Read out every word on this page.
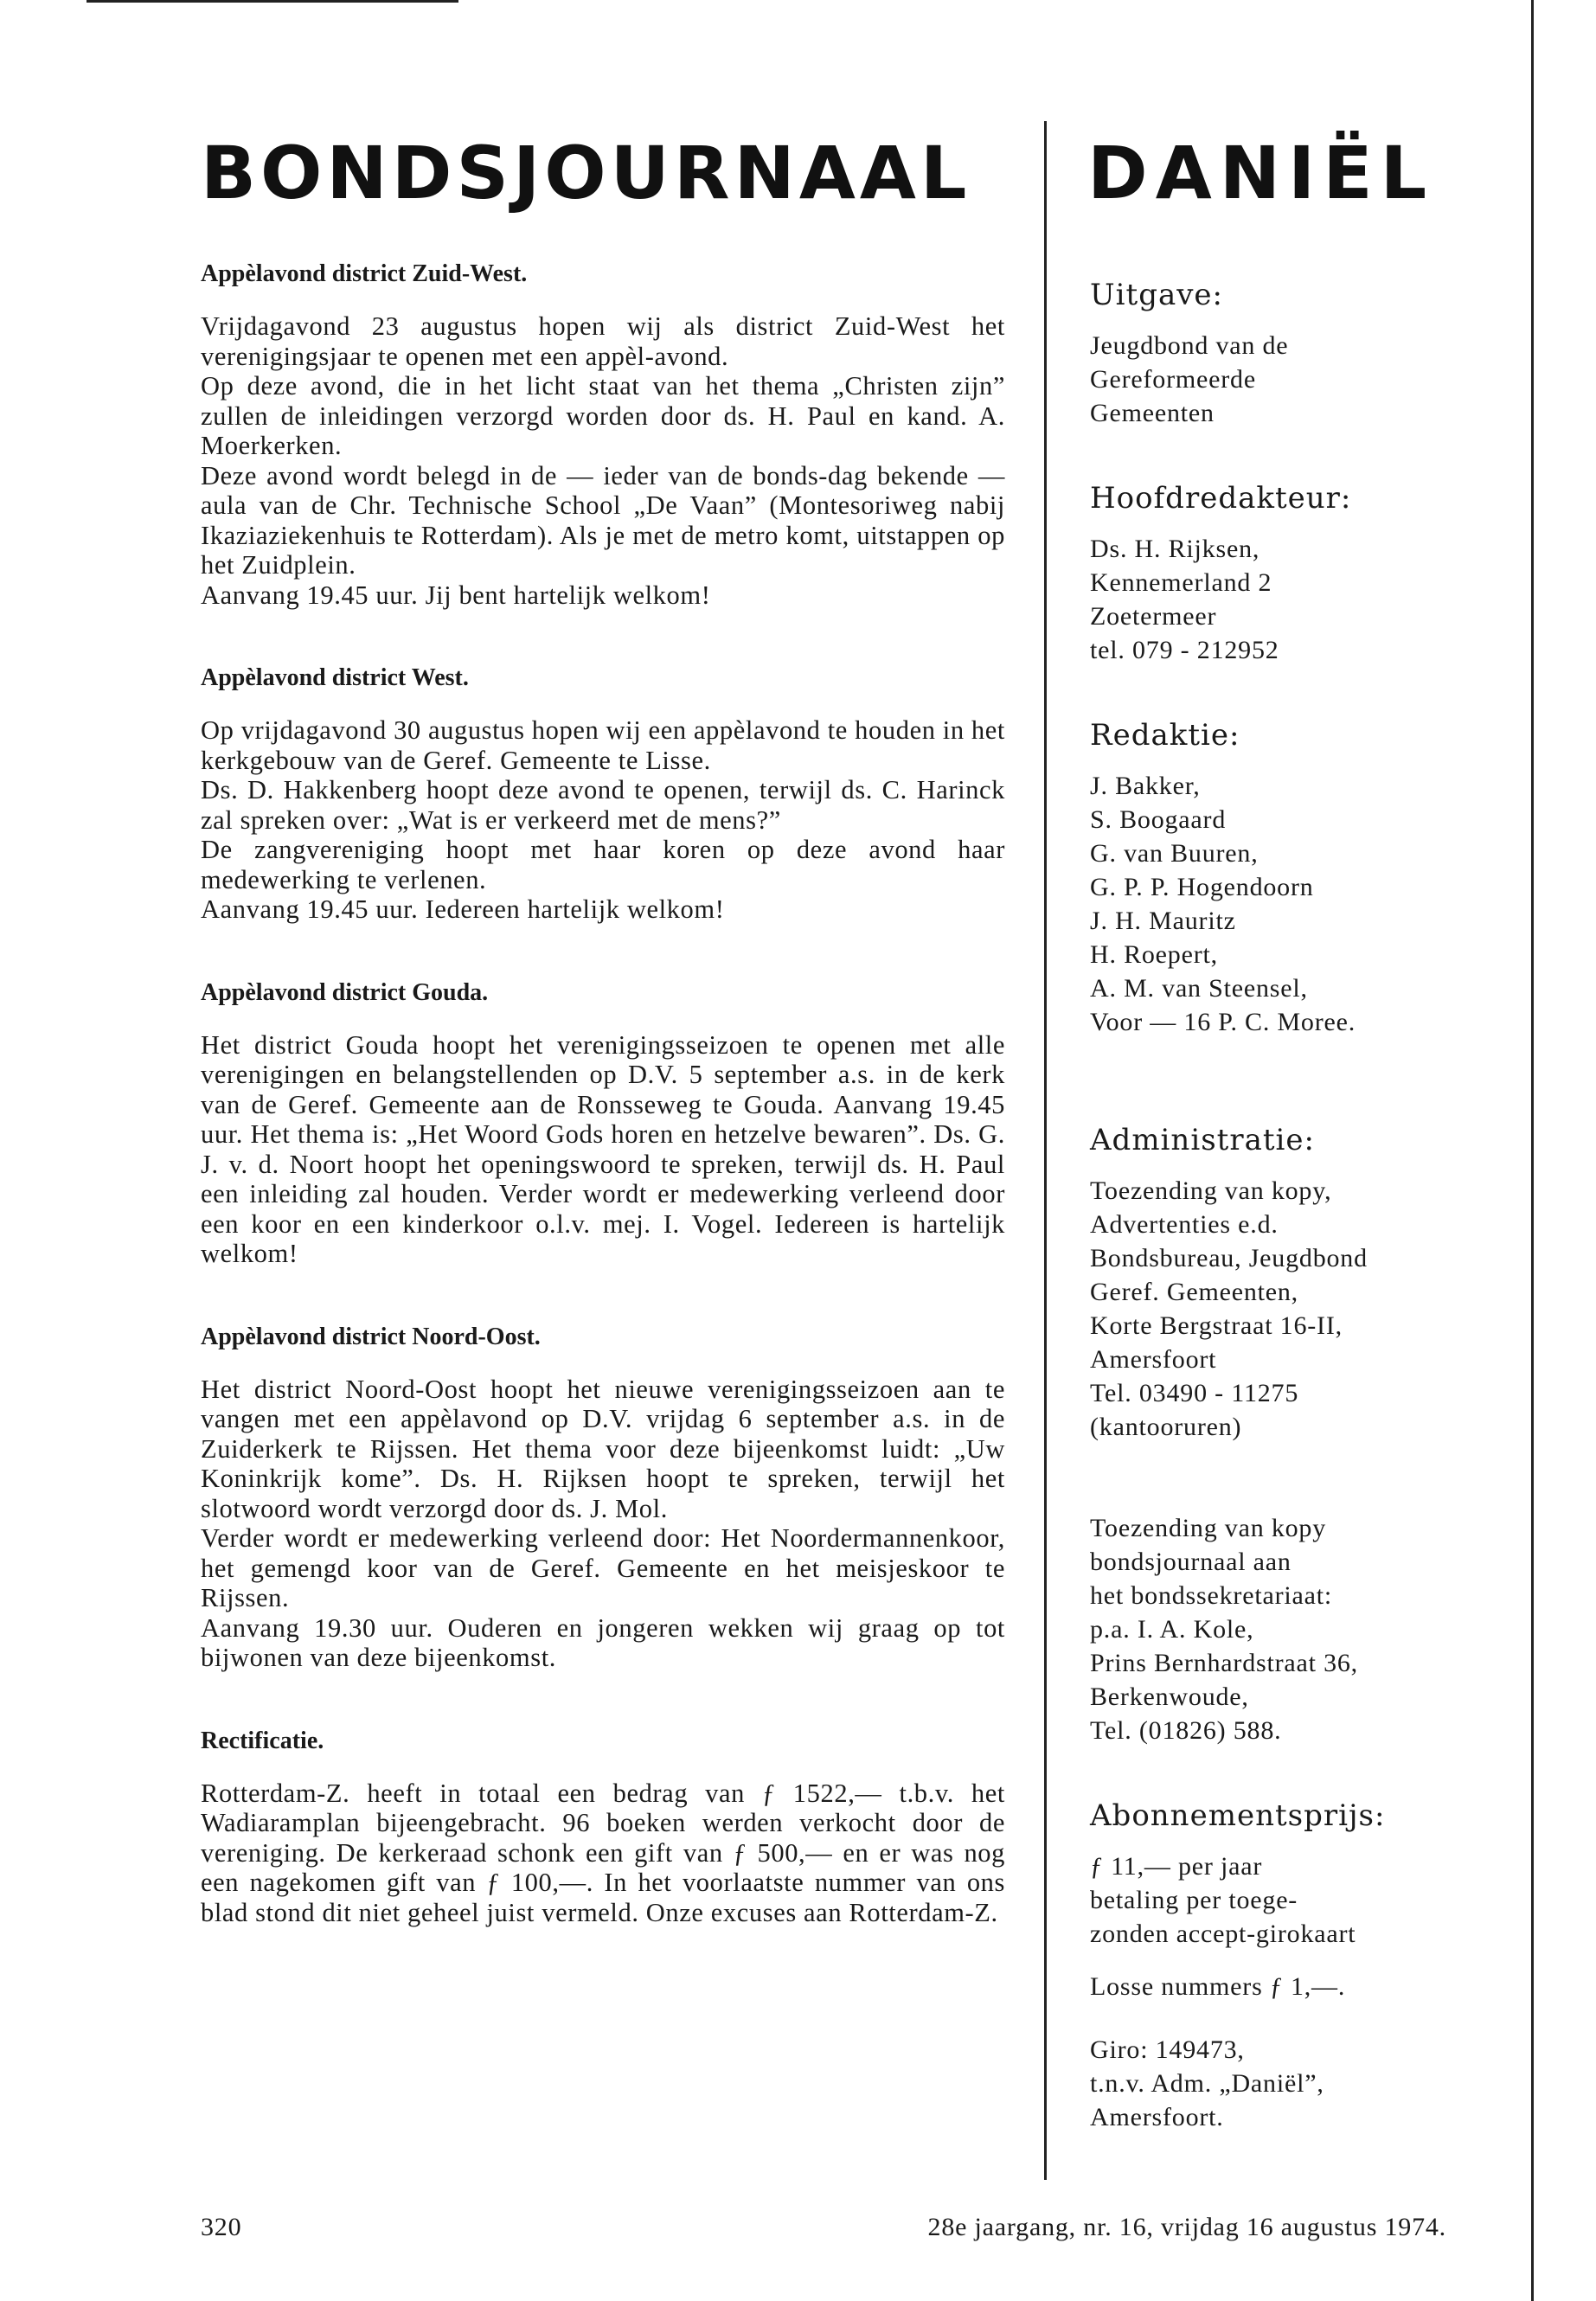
BONDSJOURNAAL	DANIËL
Appèlavond district Zuid-West.

Vrijdagavond 23 augustus hopen wij als district Zuid-West het verenigingsjaar te openen met een appèl-avond.

Op deze avond, die in het licht staat van het thema „Christen zijn” zullen de inleidingen verzorgd worden door ds. H. Paul en kand. A. Moerkerken.

Deze avond wordt belegd in de — ieder van de bonds-dag bekende — aula van de Chr. Technische School „De Vaan” (Montesoriweg nabij Ikaziaziekenhuis te Rotterdam). Als je met de metro komt, uitstappen op het Zuidplein.

Aanvang 19.45 uur. Jij bent hartelijk welkom!

Appèlavond district West.

Op vrijdagavond 30 augustus hopen wij een appèlavond te houden in het kerkgebouw van de Geref. Gemeente te Lisse.

Ds. D. Hakkenberg hoopt deze avond te openen, terwijl ds. C. Harinck zal spreken over: „Wat is er verkeerd met de mens?”

De zangvereniging hoopt met haar koren op deze avond haar medewerking te verlenen.

Aanvang 19.45 uur. Iedereen hartelijk welkom!

Appèlavond district Gouda.

Het district Gouda hoopt het verenigingsseizoen te openen met alle verenigingen en belangstellenden op D.V. 5 september a.s. in de kerk van de Geref. Gemeente aan de Ronsseweg te Gouda. Aanvang 19.45 uur. Het thema is: „Het Woord Gods horen en hetzelve bewaren”. Ds. G. J. v. d. Noort hoopt het openingswoord te spreken, terwijl ds. H. Paul een inleiding zal houden. Verder wordt er medewerking verleend door een koor en een kinderkoor o.l.v. mej. I. Vogel. Iedereen is hartelijk welkom!

Appèlavond district Noord-Oost.

Het district Noord-Oost hoopt het nieuwe verenigingsseizoen aan te vangen met een appèlavond op D.V. vrijdag 6 september a.s. in de Zuiderkerk te Rijssen. Het thema voor deze bijeenkomst luidt: „Uw Koninkrijk kome”. Ds. H. Rijksen hoopt te spreken, terwijl het slotwoord wordt verzorgd door ds. J. Mol.

Verder wordt er medewerking verleend door: Het Noordermannenkoor, het gemengd koor van de Geref. Gemeente en het meisjeskoor te Rijssen.

Aanvang 19.30 uur. Ouderen en jongeren wekken wij graag op tot bijwonen van deze bijeenkomst.

Rectificatie.

Rotterdam-Z. heeft in totaal een bedrag van ƒ 1522,— t.b.v. het Wadiaramplan bijeengebracht. 96 boeken werden verkocht door de vereniging. De kerkeraad schonk een gift van ƒ 500,— en er was nog een nagekomen gift van ƒ 100,—. In het voorlaatste nummer van ons blad stond dit niet geheel juist vermeld. Onze excuses aan Rotterdam-Z.

Uitgave:
Jeugdbond van de
Gereformeerde
Gemeenten
Hoofdredakteur:
Ds. H. Rijksen,
Kennemerland 2
Zoetermeer
tel. 079 - 212952
Redaktie:
J. Bakker,
S. Boogaard
G. van Buuren,
G. P. P. Hogendoorn
J. H. Mauritz
H. Roepert,
A. M. van Steensel,
Voor — 16 P. C. Moree.
Administratie:
Toezending van kopy,
Advertenties e.d.
Bondsbureau, Jeugdbond
Geref. Gemeenten,
Korte Bergstraat 16-II,
Amersfoort
Tel. 03490 - 11275
(kantooruren)
Toezending van kopy
bondsjournaal aan
het bondssekretariaat:
p.a. I. A. Kole,
Prins Bernhardstraat 36,
Berkenwoude,
Tel. (01826) 588.
Abonnementsprijs:
ƒ 11,— per jaar
betaling per toege-
zonden accept-girokaart
Losse nummers ƒ 1,—.
Giro: 149473,
t.n.v. Adm. „Daniël”,
Amersfoort.
320	28e jaargang, nr. 16, vrijdag 16 augustus 1974.
